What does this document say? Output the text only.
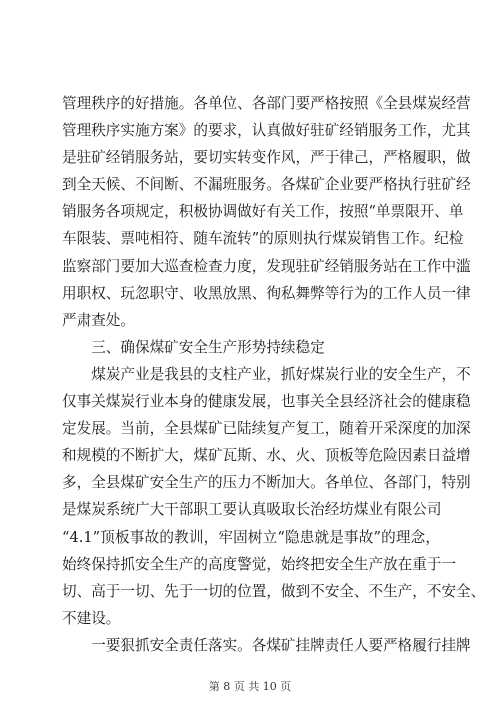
管理秩序的好措施。各单位、各部门要严格按照《全县煤炭经营
管理秩序实施方案》的要求，认真做好驻矿经销服务工作，尤其
是驻矿经销服务站，要切实转变作风，严于律己，严格履职，做
到全天候、不间断、不漏班服务。各煤矿企业要严格执行驻矿经
销服务各项规定，积极协调做好有关工作，按照“单票限开、单
车限装、票吨相符、随车流转”的原则执行煤炭销售工作。纪检
监察部门要加大巡查检查力度，发现驻矿经销服务站在工作中滥
用职权、玩忽职守、收黑放黑、徇私舞弊等行为的工作人员一律
严肃查处。
　　三、确保煤矿安全生产形势持续稳定
　　煤炭产业是我县的支柱产业，抓好煤炭行业的安全生产，不
仅事关煤炭行业本身的健康发展，也事关全县经济社会的健康稳
定发展。当前，全县煤矿已陆续复产复工，随着开采深度的加深
和规模的不断扩大，煤矿瓦斯、水、火、顶板等危险因素日益增
多，全县煤矿安全生产的压力不断加大。各单位、各部门，特别
是煤炭系统广大干部职工要认真吸取长治经坊煤业有限公司
“4.1”顶板事故的教训，牢固树立“隐患就是事故”的理念，
始终保持抓安全生产的高度警觉，始终把安全生产放在重于一
切、高于一切、先于一切的位置，做到不安全、不生产，不安全、
不建设。
　　一要狠抓安全责任落实。各煤矿挂牌责任人要严格履行挂牌
第 8 页 共 10 页
